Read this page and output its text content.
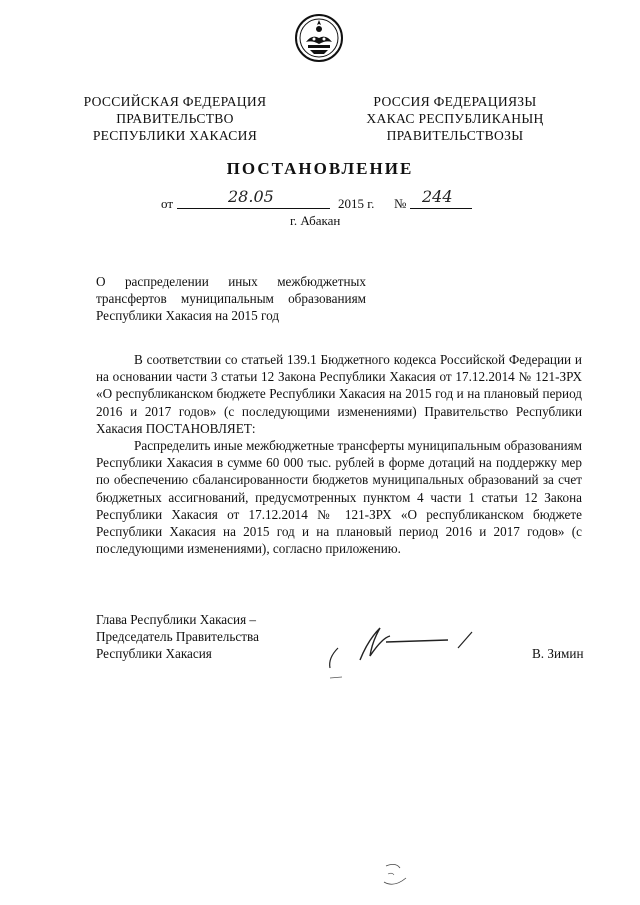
РОССИЙСКАЯ ФЕДЕРАЦИЯ
ПРАВИТЕЛЬСТВО
РЕСПУБЛИКИ ХАКАСИЯ
РОССИЯ ФЕДЕРАЦИЯЗЫ
ХАКАС РЕСПУБЛИКАНЫҢ
ПРАВИТЕЛЬСТВОЗЫ
ПОСТАНОВЛЕНИЕ
от	28.05	2015 г. № 244
г. Абакан
О распределении иных межбюджетных трансфертов муниципальным образованиям Республики Хакасия на 2015 год

В соответствии со статьей 139.1 Бюджетного кодекса Российской Федерации и на основании части 3 статьи 12 Закона Республики Хакасия от 17.12.2014 № 121-ЗРХ «О республиканском бюджете Республики Хакасия на 2015 год и на плановый период 2016 и 2017 годов» (с последующими изменениями) Правительство Республики Хакасия ПОСТАНОВЛЯЕТ:

Распределить иные межбюджетные трансферты муниципальным образованиям Республики Хакасия в сумме 60 000 тыс. рублей в форме дотаций на поддержку мер по обеспечению сбалансированности бюджетов муниципальных образований за счет бюджетных ассигнований, предусмотренных пунктом 4 части 1 статьи 12 Закона Республики Хакасия от 17.12.2014 № 121-ЗРХ «О республиканском бюджете Республики Хакасия на 2015 год и на плановый период 2016 и 2017 годов» (с последующими изменениями), согласно приложению.

Глава Республики Хакасия –
Председатель Правительства
Республики Хакасия	В. Зимин
